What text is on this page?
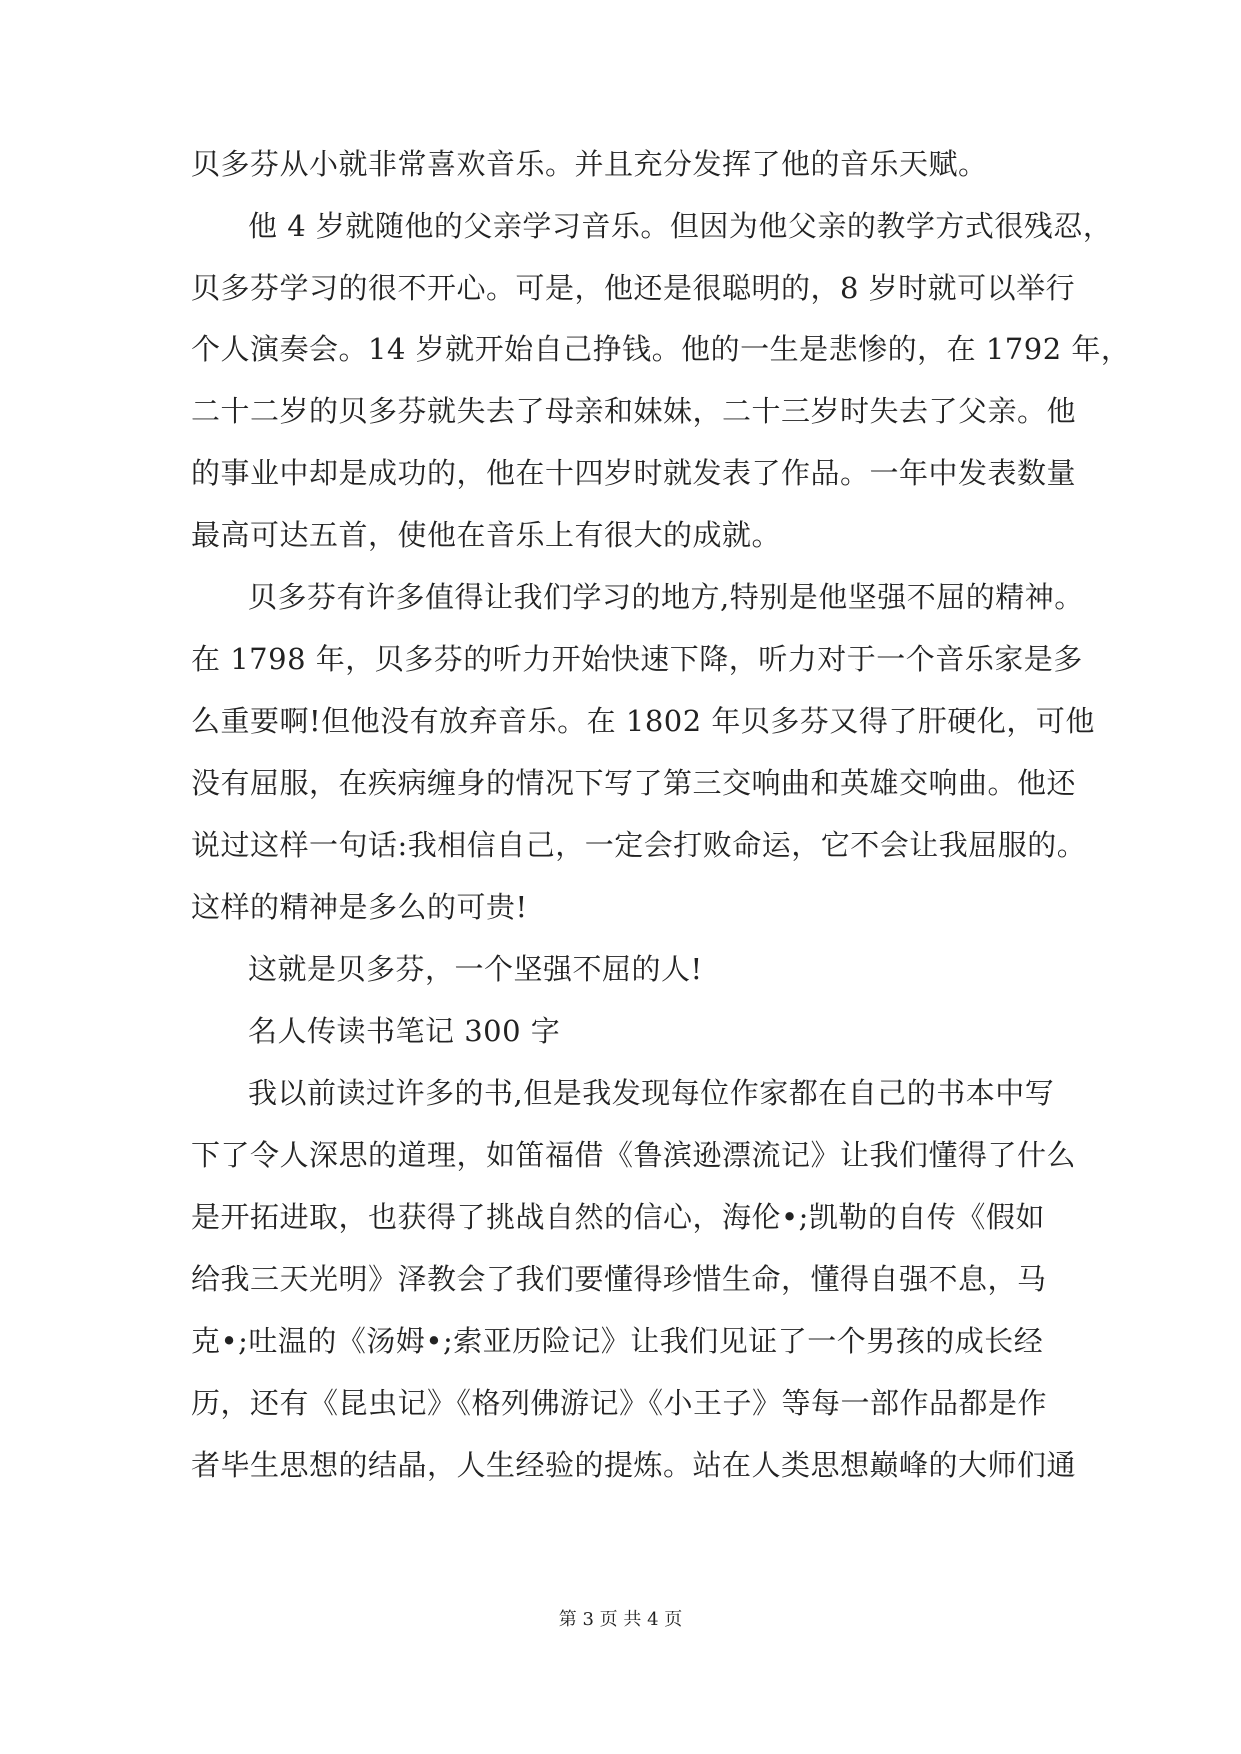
贝多芬从小就非常喜欢音乐。并且充分发挥了他的音乐天赋。
他 4 岁就随他的父亲学习音乐。但因为他父亲的教学方式很残忍，
贝多芬学习的很不开心。可是，他还是很聪明的，8 岁时就可以举行
个人演奏会。14 岁就开始自己挣钱。他的一生是悲惨的，在 1792 年，
二十二岁的贝多芬就失去了母亲和妹妹，二十三岁时失去了父亲。他
的事业中却是成功的，他在十四岁时就发表了作品。一年中发表数量
最高可达五首，使他在音乐上有很大的成就。
贝多芬有许多值得让我们学习的地方,特别是他坚强不屈的精神。
在 1798 年，贝多芬的听力开始快速下降，听力对于一个音乐家是多
么重要啊!但他没有放弃音乐。在 1802 年贝多芬又得了肝硬化，可他
没有屈服，在疾病缠身的情况下写了第三交响曲和英雄交响曲。他还
说过这样一句话:我相信自己，一定会打败命运，它不会让我屈服的。
这样的精神是多么的可贵!
这就是贝多芬，一个坚强不屈的人!
名人传读书笔记 300 字
我以前读过许多的书,但是我发现每位作家都在自己的书本中写
下了令人深思的道理，如笛福借《鲁滨逊漂流记》让我们懂得了什么
是开拓进取，也获得了挑战自然的信心，海伦•;凯勒的自传《假如
给我三天光明》泽教会了我们要懂得珍惜生命，懂得自强不息，马
克•;吐温的《汤姆•;索亚历险记》让我们见证了一个男孩的成长经
历，还有《昆虫记》《格列佛游记》《小王子》等每一部作品都是作
者毕生思想的结晶，人生经验的提炼。站在人类思想巅峰的大师们通
第 3 页 共 4 页
